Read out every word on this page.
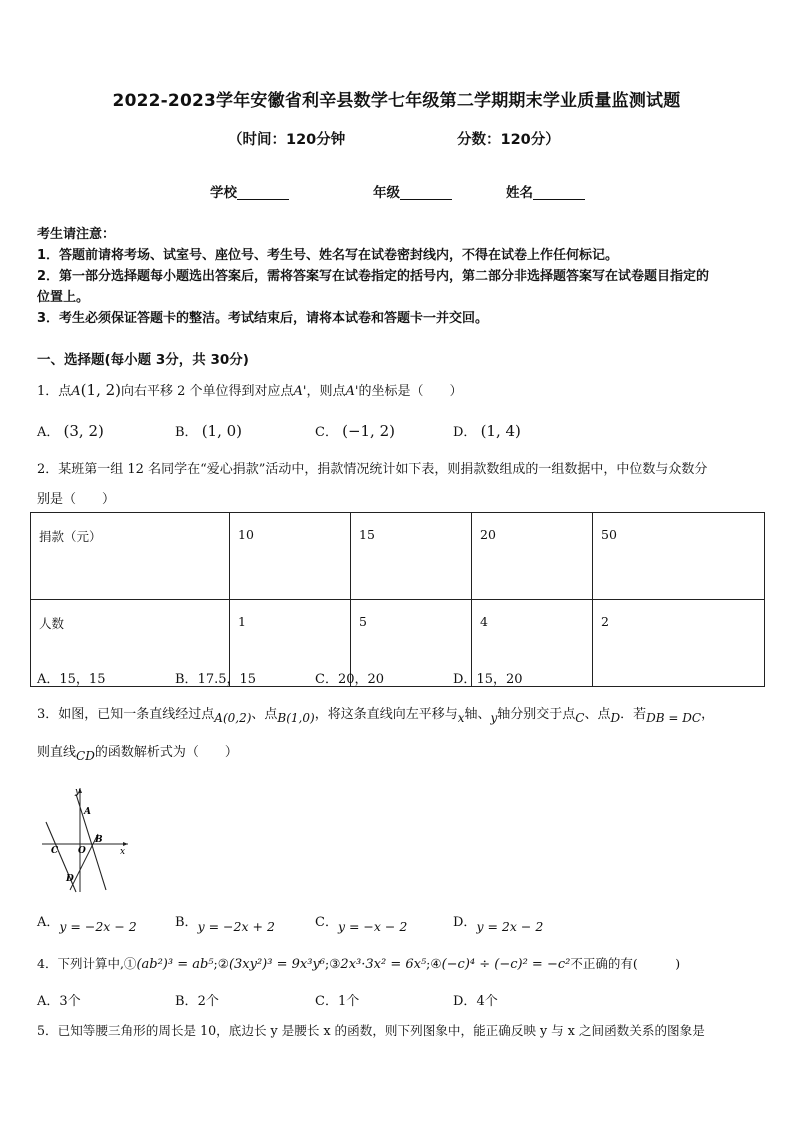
2022-2023学年安徽省利辛县数学七年级第二学期期末学业质量监测试题
（时间：120分钟	分数：120分）
学校	年级	姓名
考生请注意：
1．答题前请将考场、试室号、座位号、考生号、姓名写在试卷密封线内，不得在试卷上作任何标记。
2．第一部分选择题每小题选出答案后，需将答案写在试卷指定的括号内，第二部分非选择题答案写在试卷题目指定的
位置上。
3．考生必须保证答题卡的整洁。考试结束后，请将本试卷和答题卡一并交回。
一、选择题(每小题 3分，共 30分)
1．点A(1, 2)向右平移 2 个单位得到对应点A'，则点A'的坐标是（　　）
A． (3, 2)	B． (1, 0)	C． (−1, 2)	D． (1, 4)
2．某班第一组 12 名同学在“爱心捐款”活动中，捐款情况统计如下表，则捐款数组成的一组数据中，中位数与众数分
别是（　　）
捐款（元）	10	15	20	50
人数	1	5	4	2
A．15，15	B．17.5，15	C．20，20	D．15，20
3．如图，已知一条直线经过点A(0,2)、点B(1,0)，将这条直线向左平移与x轴、y轴分别交于点C、点D．若DB = DC，
则直线CD的函数解析式为（　　）
y
A
B
C O
D
x
A．y = −2x − 2	B．y = −2x + 2	C．y = −x − 2	D．y = 2x − 2
4．下列计算中,①(ab²)³ = ab⁵;②(3xy²)³ = 9x³y⁶;③2x³·3x² = 6x⁵;④(−c)⁴ ÷ (−c)² = −c²不正确的有(　　　)
A．3个	B．2个	C．1个	D．4个
5．已知等腰三角形的周长是 10，底边长 y 是腰长 x 的函数，则下列图象中，能正确反映 y 与 x 之间函数关系的图象是
